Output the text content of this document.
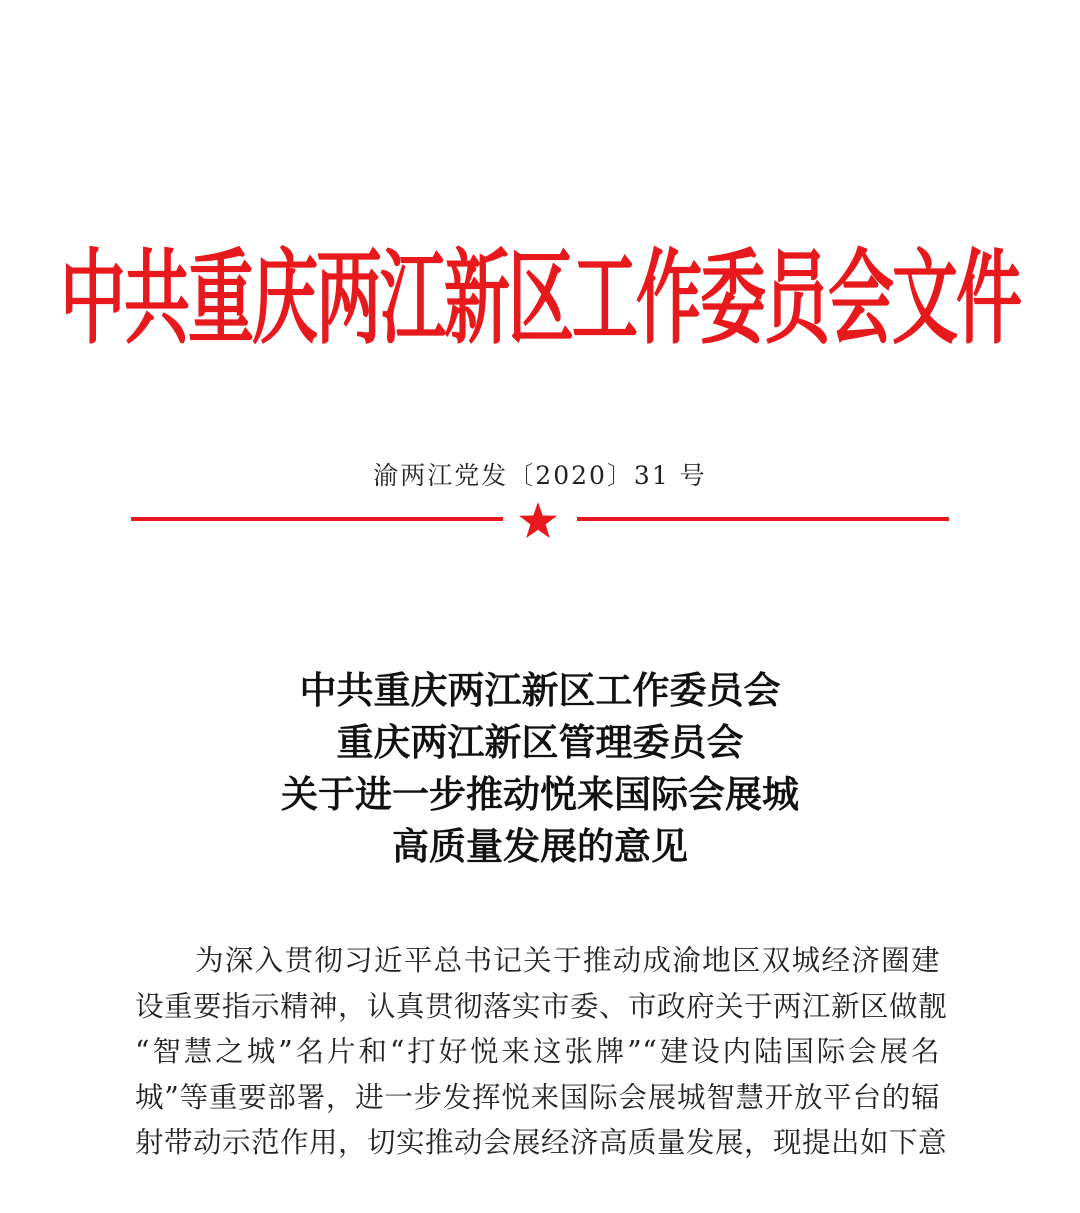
中共重庆两江新区工作委员会文件
渝两江党发〔2020〕31 号
中共重庆两江新区工作委员会
重庆两江新区管理委员会
关于进一步推动悦来国际会展城
高质量发展的意见
为深入贯彻习近平总书记关于推动成渝地区双城经济圈建
设重要指示精神，认真贯彻落实市委、市政府关于两江新区做靓
“智慧之城”名片和“打好悦来这张牌”“建设内陆国际会展名
城”等重要部署，进一步发挥悦来国际会展城智慧开放平台的辐
射带动示范作用，切实推动会展经济高质量发展，现提出如下意
